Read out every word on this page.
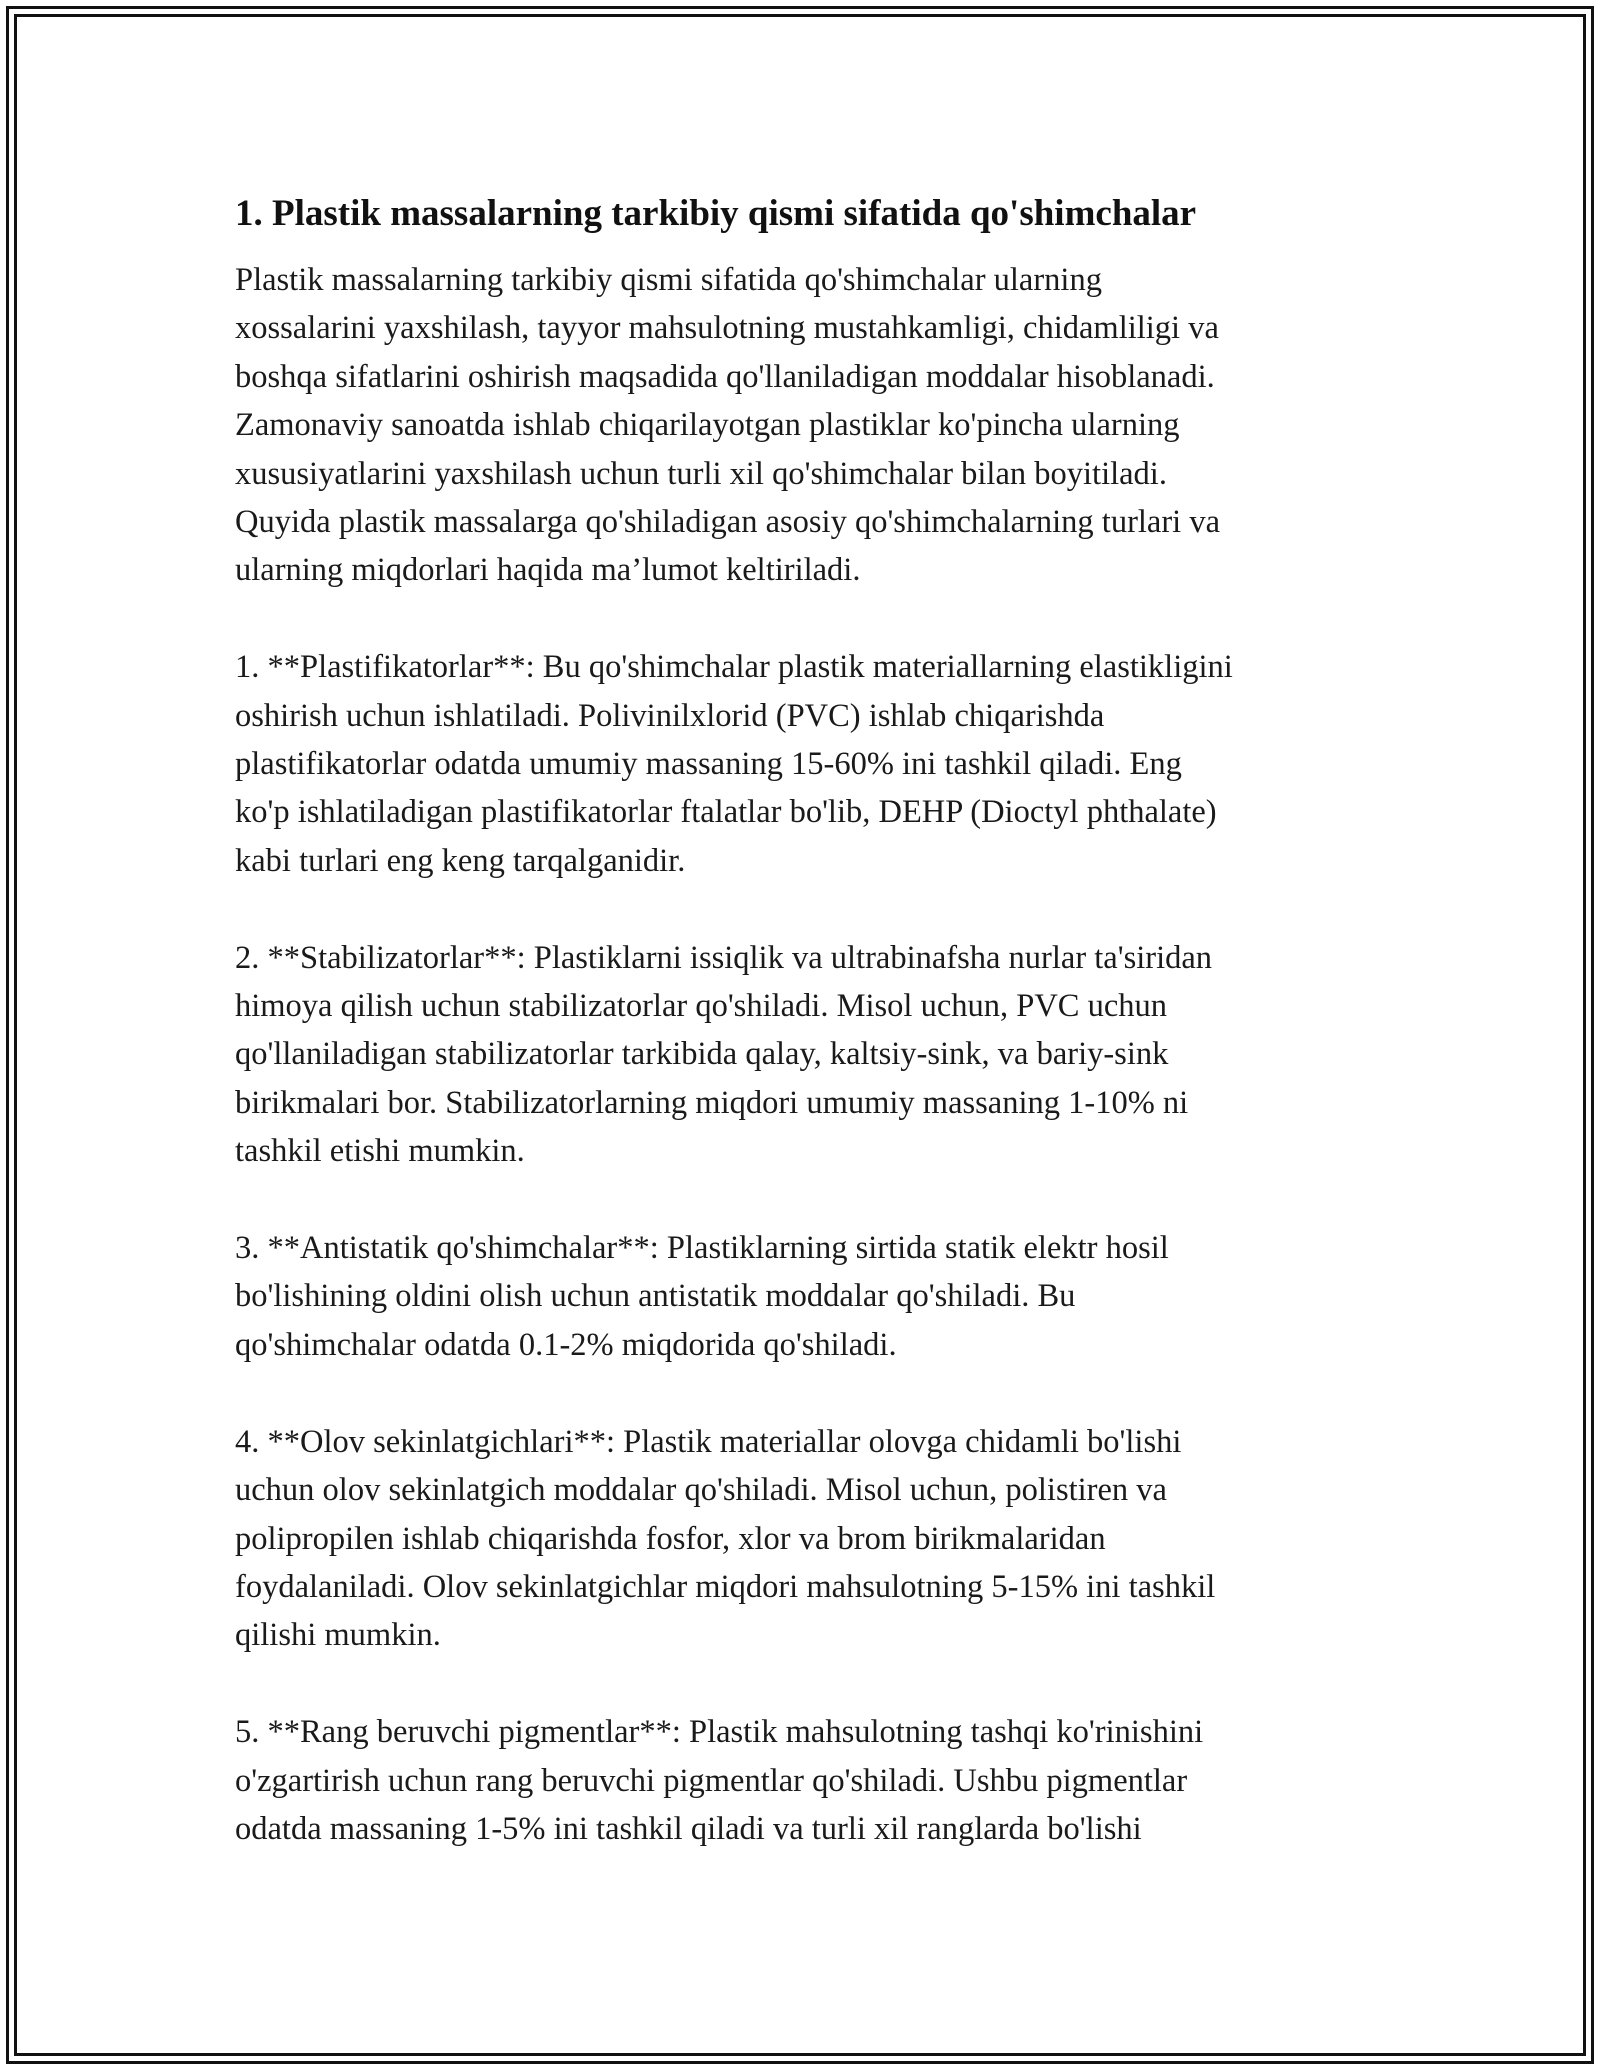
1. Plastik massalarning tarkibiy qismi sifatida qo'shimchalar

Plastik massalarning tarkibiy qismi sifatida qo'shimchalar ularning
xossalarini yaxshilash, tayyor mahsulotning mustahkamligi, chidamliligi va
boshqa sifatlarini oshirish maqsadida qo'llaniladigan moddalar hisoblanadi.
Zamonaviy sanoatda ishlab chiqarilayotgan plastiklar ko'pincha ularning
xususiyatlarini yaxshilash uchun turli xil qo'shimchalar bilan boyitiladi.
Quyida plastik massalarga qo'shiladigan asosiy qo'shimchalarning turlari va
ularning miqdorlari haqida ma’lumot keltiriladi.

1. **Plastifikatorlar**: Bu qo'shimchalar plastik materiallarning elastikligini
oshirish uchun ishlatiladi. Polivinilxlorid (PVC) ishlab chiqarishda
plastifikatorlar odatda umumiy massaning 15-60% ini tashkil qiladi. Eng
ko'p ishlatiladigan plastifikatorlar ftalatlar bo'lib, DEHP (Dioctyl phthalate)
kabi turlari eng keng tarqalganidir.

2. **Stabilizatorlar**: Plastiklarni issiqlik va ultrabinafsha nurlar ta'siridan
himoya qilish uchun stabilizatorlar qo'shiladi. Misol uchun, PVC uchun
qo'llaniladigan stabilizatorlar tarkibida qalay, kaltsiy-sink, va bariy-sink
birikmalari bor. Stabilizatorlarning miqdori umumiy massaning 1-10% ni
tashkil etishi mumkin.

3. **Antistatik qo'shimchalar**: Plastiklarning sirtida statik elektr hosil
bo'lishining oldini olish uchun antistatik moddalar qo'shiladi. Bu
qo'shimchalar odatda 0.1-2% miqdorida qo'shiladi.

4. **Olov sekinlatgichlari**: Plastik materiallar olovga chidamli bo'lishi
uchun olov sekinlatgich moddalar qo'shiladi. Misol uchun, polistiren va
polipropilen ishlab chiqarishda fosfor, xlor va brom birikmalaridan
foydalaniladi. Olov sekinlatgichlar miqdori mahsulotning 5-15% ini tashkil
qilishi mumkin.

5. **Rang beruvchi pigmentlar**: Plastik mahsulotning tashqi ko'rinishini
o'zgartirish uchun rang beruvchi pigmentlar qo'shiladi. Ushbu pigmentlar
odatda massaning 1-5% ini tashkil qiladi va turli xil ranglarda bo'lishi
